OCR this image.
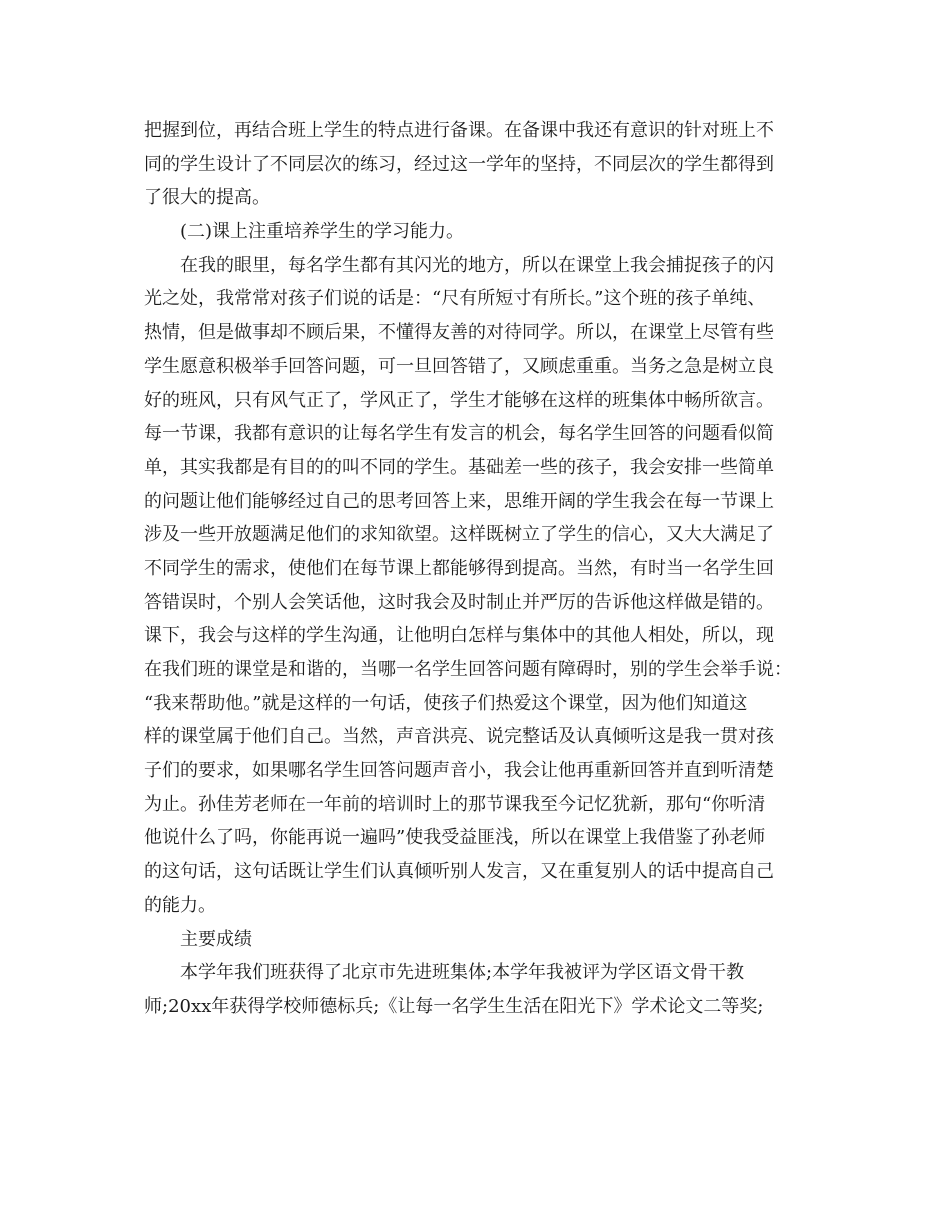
把握到位，再结合班上学生的特点进行备课。在备课中我还有意识的针对班上不
同的学生设计了不同层次的练习，经过这一学年的坚持，不同层次的学生都得到
了很大的提高。
(二)课上注重培养学生的学习能力。
在我的眼里，每名学生都有其闪光的地方，所以在课堂上我会捕捉孩子的闪
光之处，我常常对孩子们说的话是：“尺有所短寸有所长。”这个班的孩子单纯、
热情，但是做事却不顾后果，不懂得友善的对待同学。所以，在课堂上尽管有些
学生愿意积极举手回答问题，可一旦回答错了，又顾虑重重。当务之急是树立良
好的班风，只有风气正了，学风正了，学生才能够在这样的班集体中畅所欲言。
每一节课，我都有意识的让每名学生有发言的机会，每名学生回答的问题看似简
单，其实我都是有目的的叫不同的学生。基础差一些的孩子，我会安排一些简单
的问题让他们能够经过自己的思考回答上来，思维开阔的学生我会在每一节课上
涉及一些开放题满足他们的求知欲望。这样既树立了学生的信心，又大大满足了
不同学生的需求，使他们在每节课上都能够得到提高。当然，有时当一名学生回
答错误时，个别人会笑话他，这时我会及时制止并严厉的告诉他这样做是错的。
课下，我会与这样的学生沟通，让他明白怎样与集体中的其他人相处，所以，现
在我们班的课堂是和谐的，当哪一名学生回答问题有障碍时，别的学生会举手说：
“我来帮助他。”就是这样的一句话，使孩子们热爱这个课堂，因为他们知道这
样的课堂属于他们自己。当然，声音洪亮、说完整话及认真倾听这是我一贯对孩
子们的要求，如果哪名学生回答问题声音小，我会让他再重新回答并直到听清楚
为止。孙佳芳老师在一年前的培训时上的那节课我至今记忆犹新，那句“你听清
他说什么了吗，你能再说一遍吗”使我受益匪浅，所以在课堂上我借鉴了孙老师
的这句话，这句话既让学生们认真倾听别人发言，又在重复别人的话中提高自己
的能力。
主要成绩
本学年我们班获得了北京市先进班集体;本学年我被评为学区语文骨干教
师;20xx年获得学校师德标兵;《让每一名学生生活在阳光下》学术论文二等奖;
